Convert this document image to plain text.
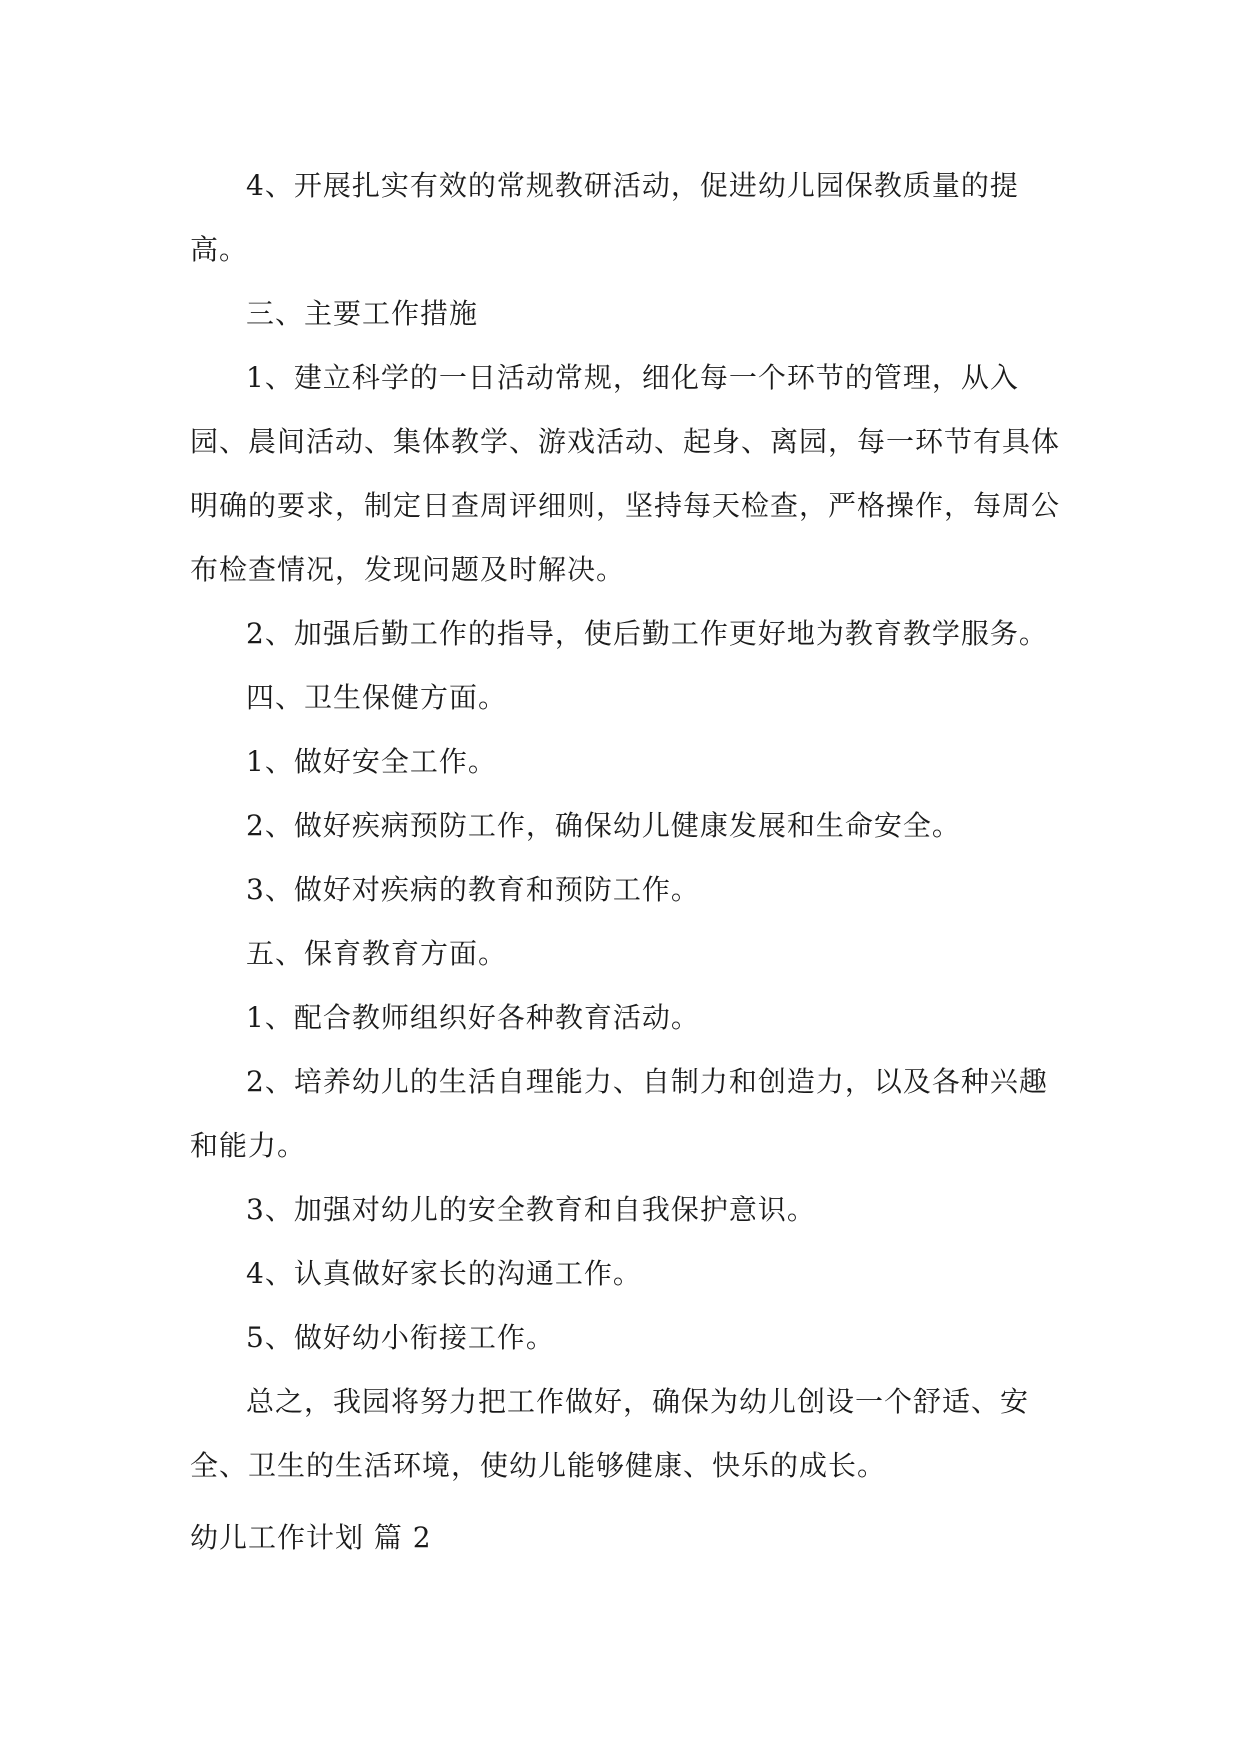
4、开展扎实有效的常规教研活动，促进幼儿园保教质量的提高。

三、主要工作措施

1、建立科学的一日活动常规，细化每一个环节的管理，从入园、晨间活动、集体教学、游戏活动、起身、离园，每一环节有具体明确的要求，制定日查周评细则，坚持每天检查，严格操作，每周公布检查情况，发现问题及时解决。

2、加强后勤工作的指导，使后勤工作更好地为教育教学服务。

四、卫生保健方面。

1、做好安全工作。

2、做好疾病预防工作，确保幼儿健康发展和生命安全。

3、做好对疾病的教育和预防工作。

五、保育教育方面。

1、配合教师组织好各种教育活动。

2、培养幼儿的生活自理能力、自制力和创造力，以及各种兴趣和能力。

3、加强对幼儿的安全教育和自我保护意识。

4、认真做好家长的沟通工作。

5、做好幼小衔接工作。

总之，我园将努力把工作做好，确保为幼儿创设一个舒适、安全、卫生的生活环境，使幼儿能够健康、快乐的成长。

幼儿工作计划 篇 2
